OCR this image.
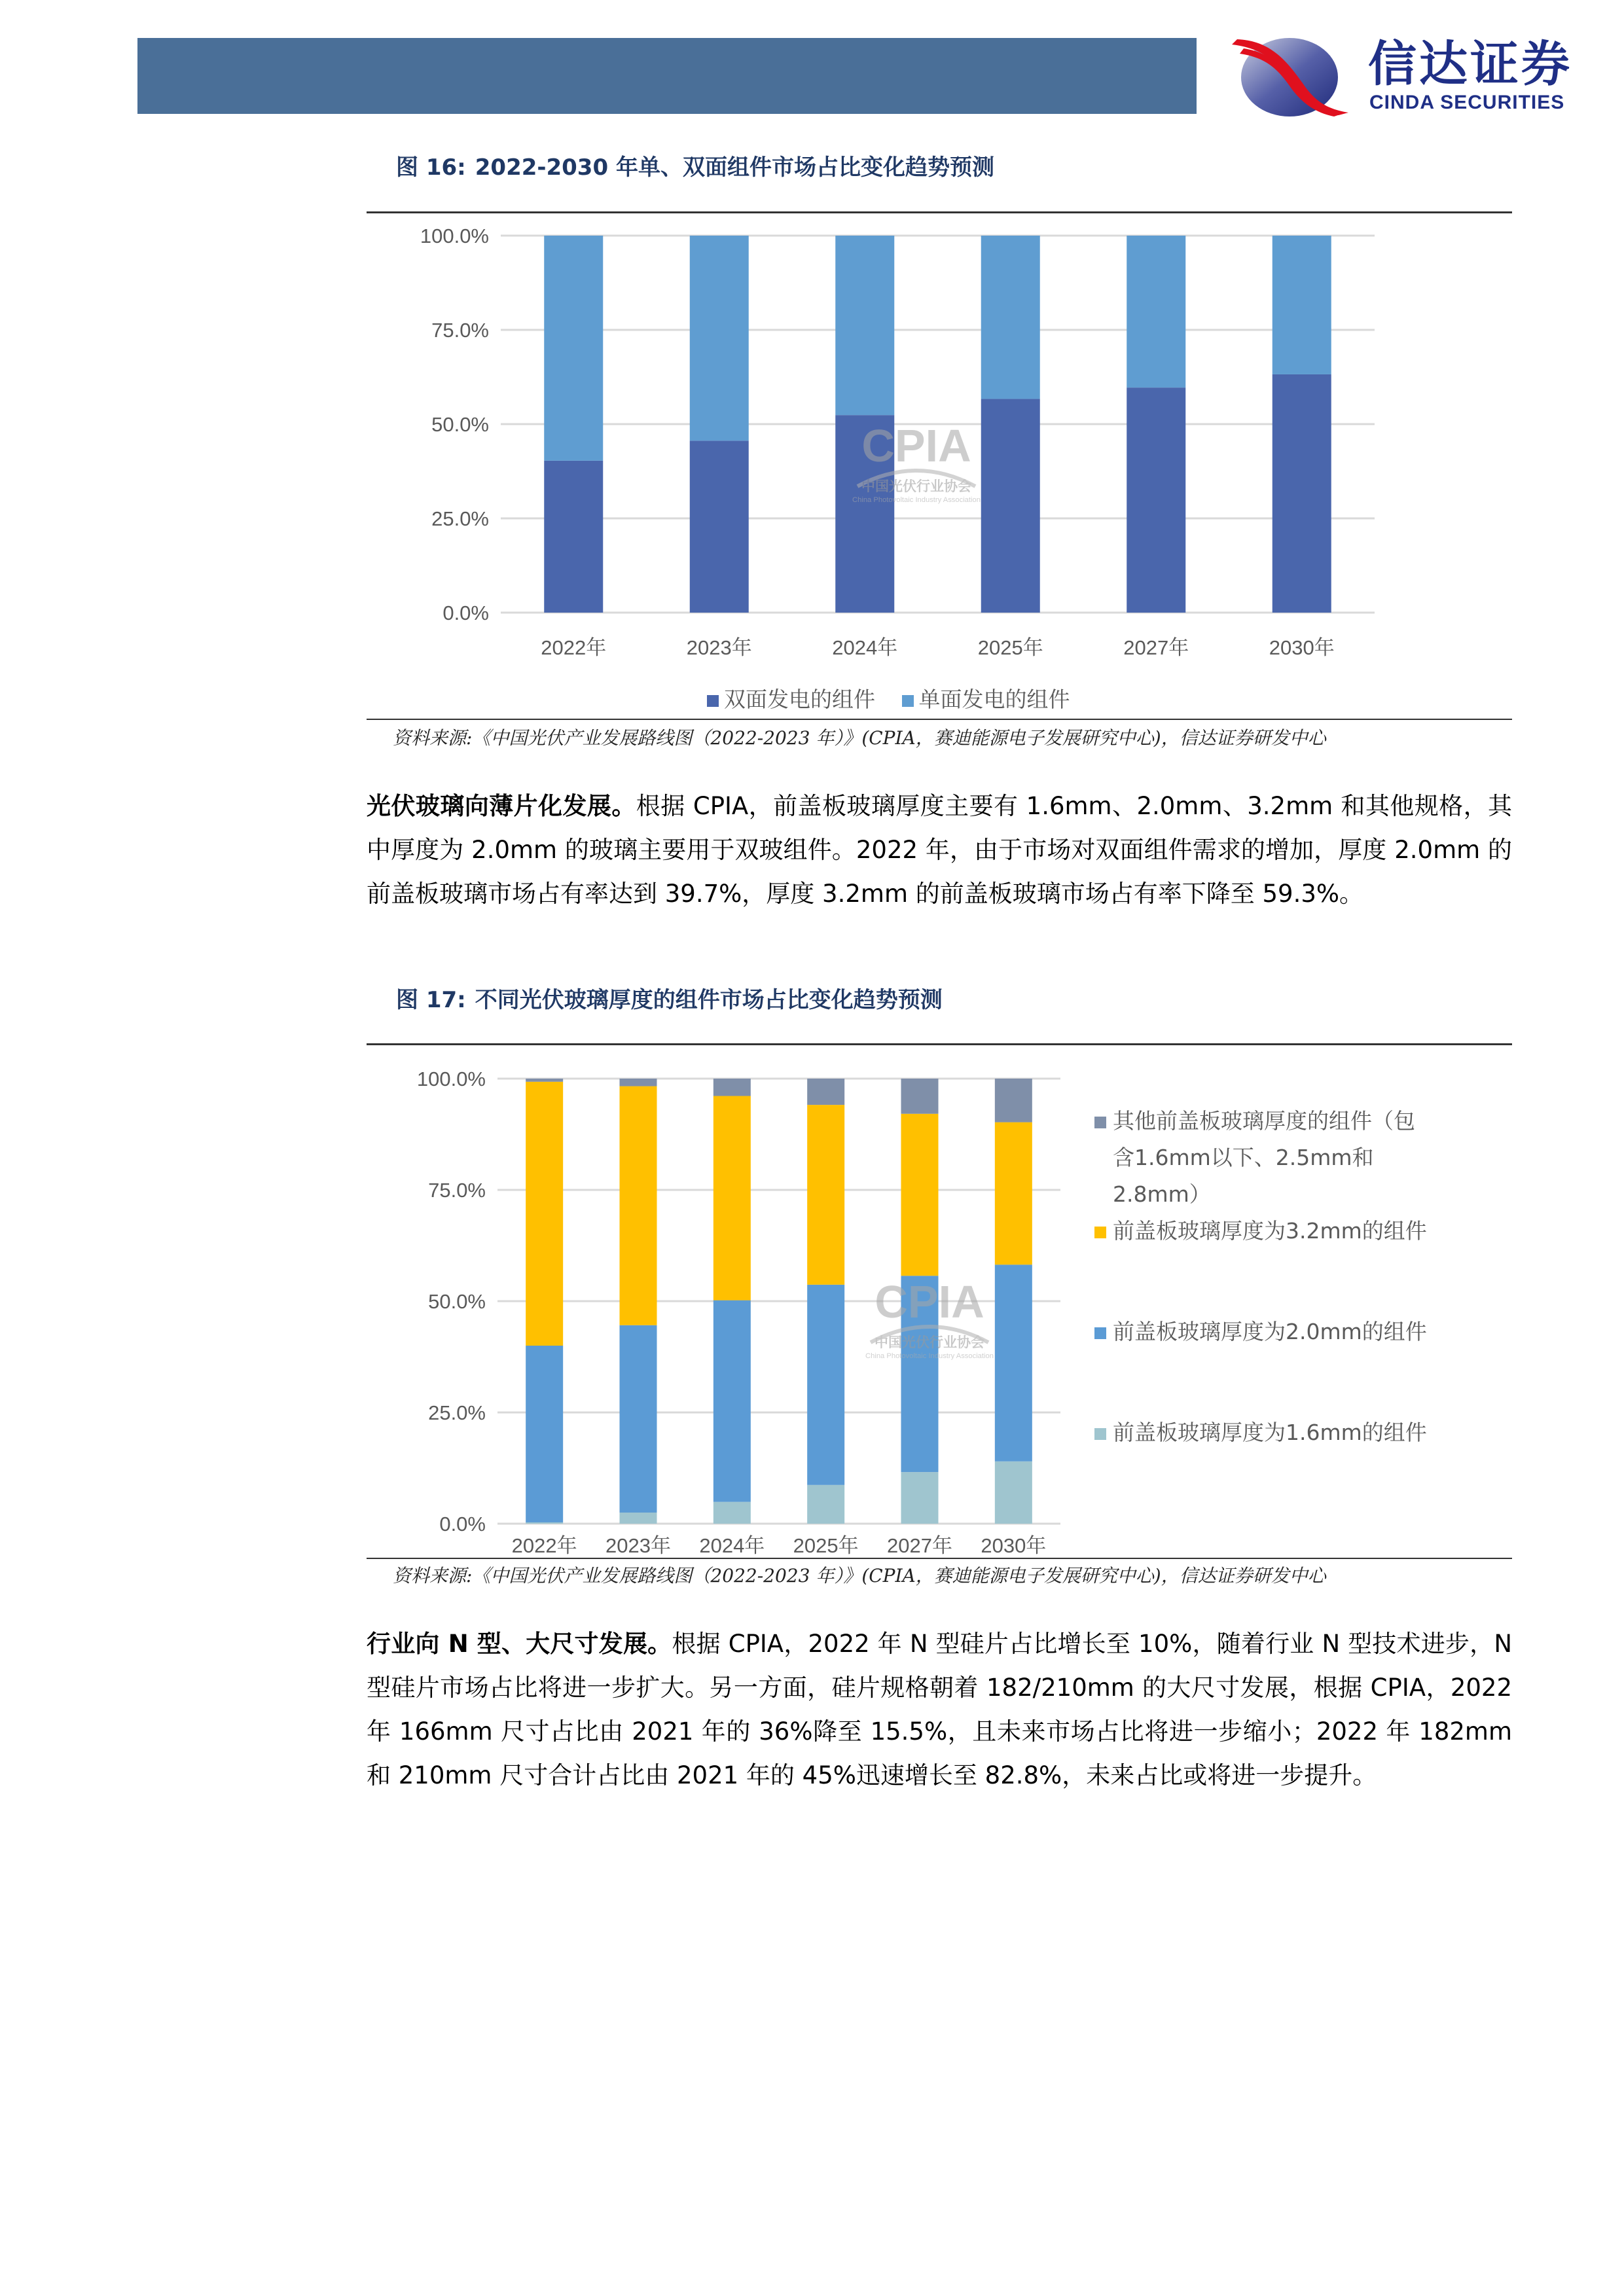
信达证券
CINDA SECURITIES
图 16: 2022-2030 年单、双面组件市场占比变化趋势预测
0.0%
25.0%
50.0%
75.0%
100.0%
2022年	2023年	2024年	2025年	2027年	2030年
CPIA
中国光伏行业协会
China Photovoltaic Industry Association
双面发电的组件 单面发电的组件
资料来源:《中国光伏产业发展路线图（2022-2023 年）》(CPIA，赛迪能源电子发展研究中心)，信达证券研发中心
光伏玻璃向薄片化发展。根据 CPIA，前盖板玻璃厚度主要有 1.6mm、2.0mm、3.2mm 和其他规格，其中厚度为 2.0mm 的玻璃主要用于双玻组件。2022 年，由于市场对双面组件需求的增加，厚度 2.0mm 的前盖板玻璃市场占有率达到 39.7%，厚度 3.2mm 的前盖板玻璃市场占有率下降至 59.3%。
图 17: 不同光伏玻璃厚度的组件市场占比变化趋势预测
0.0%
25.0%
50.0%
75.0%
100.0%
2022年 2023年 2024年 2025年 2027年 2030年
CPIA
中国光伏行业协会
China Photovoltaic Industry Association
其他前盖板玻璃厚度的组件（包
含1.6mm以下、2.5mm和
2.8mm）
前盖板玻璃厚度为3.2mm的组件
前盖板玻璃厚度为2.0mm的组件
前盖板玻璃厚度为1.6mm的组件
资料来源:《中国光伏产业发展路线图（2022-2023 年）》(CPIA，赛迪能源电子发展研究中心)，信达证券研发中心
行业向 N 型、大尺寸发展。根据 CPIA，2022 年 N 型硅片占比增长至 10%，随着行业 N 型技术进步，N 型硅片市场占比将进一步扩大。另一方面，硅片规格朝着 182/210mm 的大尺寸发展，根据 CPIA，2022 年 166mm 尺寸占比由 2021 年的 36%降至 15.5%，且未来市场占比将进一步缩小；2022 年 182mm 和 210mm 尺寸合计占比由 2021 年的 45%迅速增长至 82.8%，未来占比或将进一步提升。
